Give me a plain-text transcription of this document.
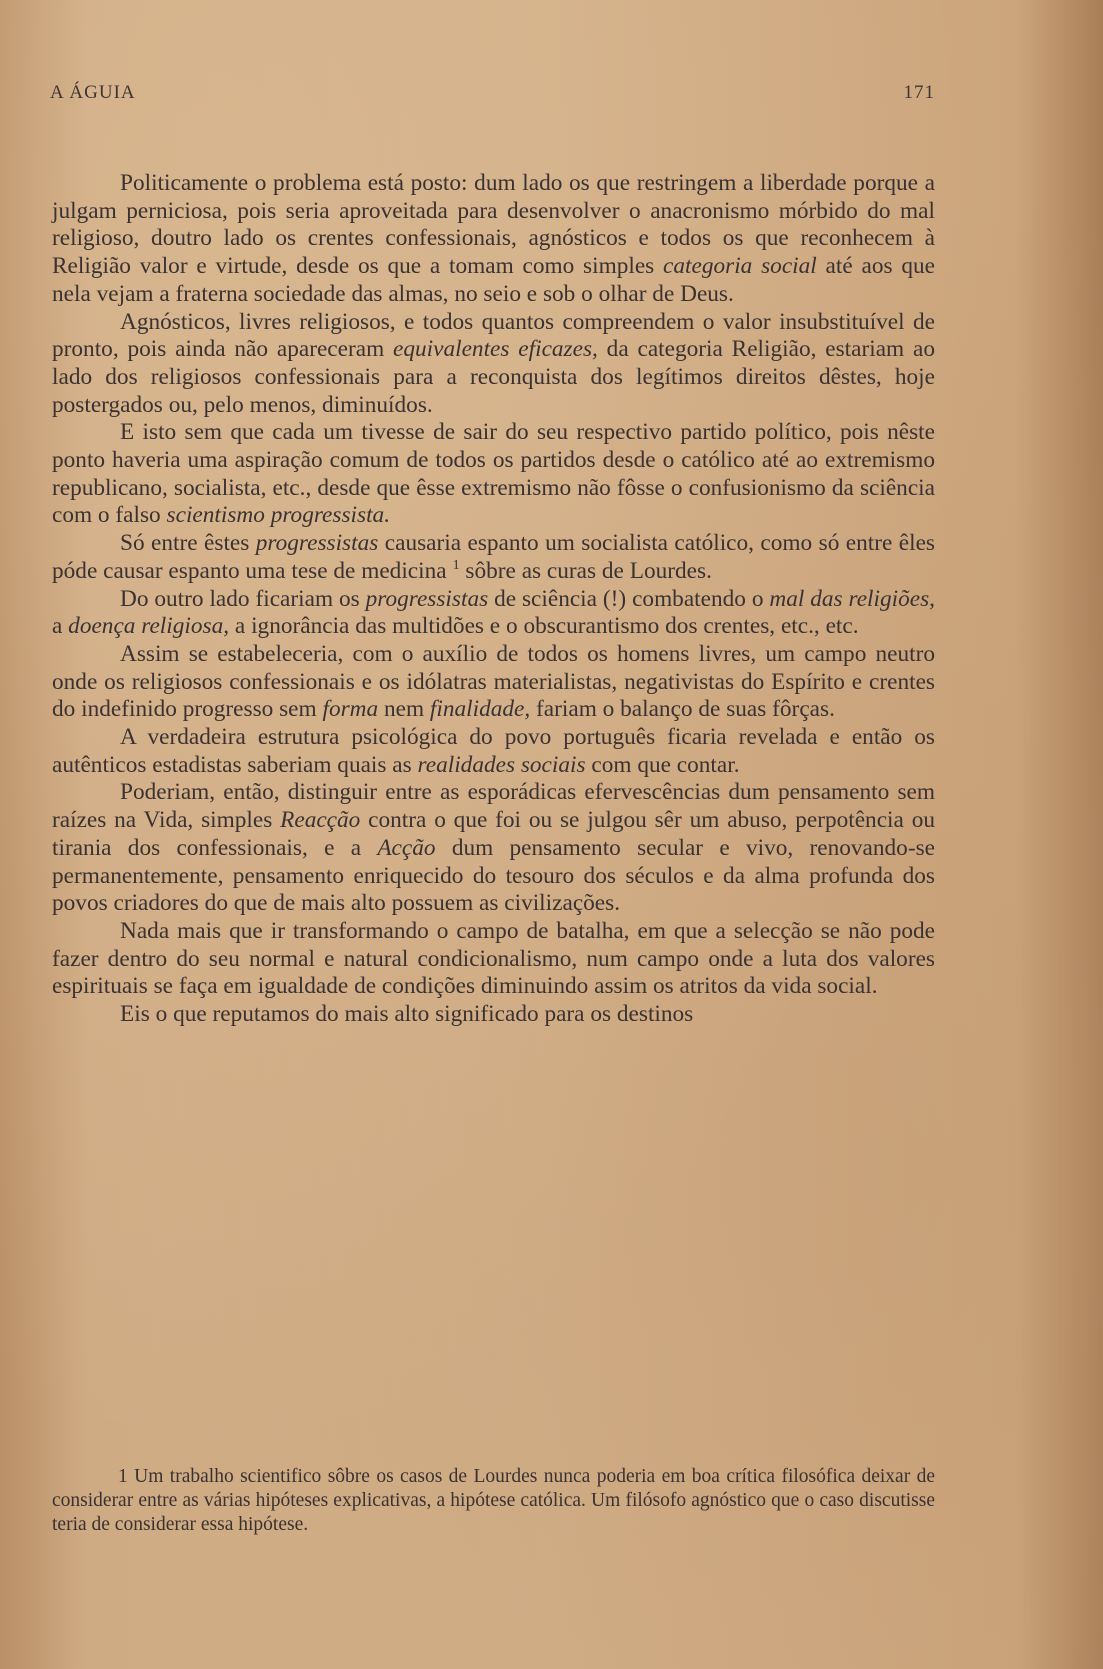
A ÁGUIA	171

Politicamente o problema está posto: dum lado os que restringem a liberdade porque a julgam perniciosa, pois seria aproveitada para desenvolver o anacronismo mórbido do mal religioso, doutro lado os crentes confessionais, agnósticos e todos os que reconhecem à Religião valor e virtude, desde os que a tomam como simples categoria social até aos que nela vejam a fraterna sociedade das almas, no seio e sob o olhar de Deus.

Agnósticos, livres religiosos, e todos quantos compreendem o valor insubstituível de pronto, pois ainda não apareceram equivalentes eficazes, da categoria Religião, estariam ao lado dos religiosos confessionais para a reconquista dos legítimos direitos dêstes, hoje postergados ou, pelo menos, diminuídos.

E isto sem que cada um tivesse de sair do seu respectivo partido político, pois nêste ponto haveria uma aspiração comum de todos os partidos desde o católico até ao extremismo republicano, socialista, etc., desde que êsse extremismo não fôsse o confusionismo da sciência com o falso scientismo progressista.

Só entre êstes progressistas causaria espanto um socialista católico, como só entre êles póde causar espanto uma tese de medicina $^1$ sôbre as curas de Lourdes.

Do outro lado ficariam os progressistas de sciência (!) combatendo o mal das religiões, a doença religiosa, a ignorância das multidões e o obscurantismo dos crentes, etc., etc.

Assim se estabeleceria, com o auxílio de todos os homens livres, um campo neutro onde os religiosos confessionais e os idólatras materialistas, negativistas do Espírito e crentes do indefinido progresso sem forma nem finalidade, fariam o balanço de suas fôrças.

A verdadeira estrutura psicológica do povo português ficaria revelada e então os autênticos estadistas saberiam quais as realidades sociais com que contar.

Poderiam, então, distinguir entre as esporádicas efervescências dum pensamento sem raízes na Vida, simples Reacção contra o que foi ou se julgou sêr um abuso, perpotência ou tirania dos confessionais, e a Acção dum pensamento secular e vivo, renovando-se permanentemente, pensamento enriquecido do tesouro dos séculos e da alma profunda dos povos criadores do que de mais alto possuem as civilizações.

Nada mais que ir transformando o campo de batalha, em que a selecção se não pode fazer dentro do seu normal e natural condicionalismo, num campo onde a luta dos valores espirituais se faça em igualdade de condições diminuindo assim os atritos da vida social.

Eis o que reputamos do mais alto significado para os destinos

1 Um trabalho scientifico sôbre os casos de Lourdes nunca poderia em boa crítica filosófica deixar de considerar entre as várias hipóteses explicativas, a hipótese católica. Um filósofo agnóstico que o caso discutisse teria de considerar essa hipótese.
